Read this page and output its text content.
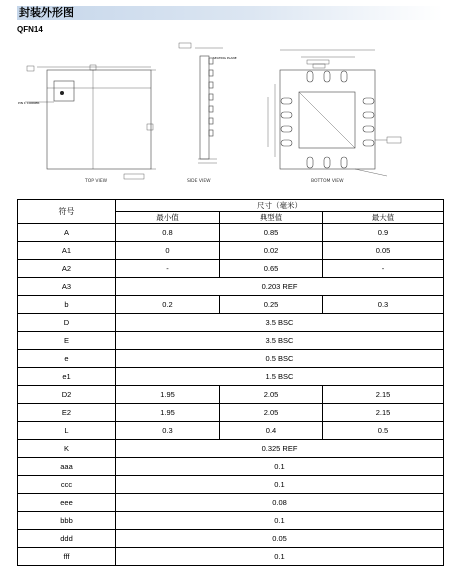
封装外形图
QFN14
PIN 1 CORNER
TOP VIEW
SEATING PLANE
SIDE VIEW	BOTTOM VIEW
符号	尺寸（毫米）		
	最小值	典型值	最大值
A	0.8	0.85	0.9
A1	0	0.02	0.05
A2	-	0.65	-
A3	0.203 REF		
b	0.2	0.25	0.3
D	3.5 BSC		
E	3.5 BSC		
e	0.5 BSC		
e1	1.5 BSC		
D2	1.95	2.05	2.15
E2	1.95	2.05	2.15
L	0.3	0.4	0.5
K	0.325 REF		
aaa	0.1		
ccc	0.1		
eee	0.08		
bbb	0.1		
ddd	0.05		
fff	0.1		
